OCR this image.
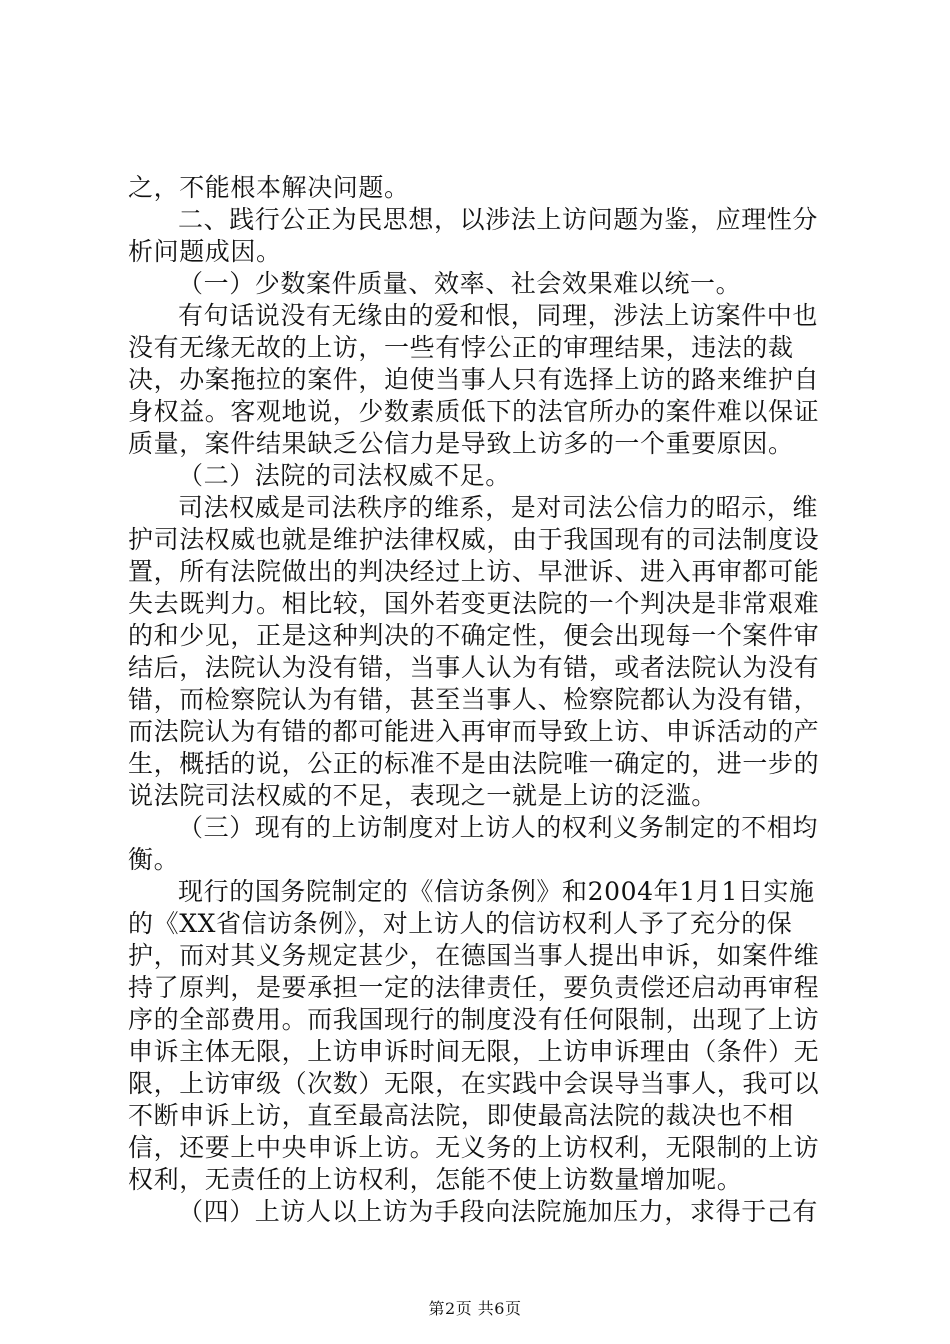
之，不能根本解决问题。

二、践行公正为民思想，以涉法上访问题为鉴，应理性分析问题成因。

（一）少数案件质量、效率、社会效果难以统一。

有句话说没有无缘由的爱和恨，同理，涉法上访案件中也没有无缘无故的上访，一些有悖公正的审理结果，违法的裁决，办案拖拉的案件，迫使当事人只有选择上访的路来维护自身权益。客观地说，少数素质低下的法官所办的案件难以保证质量，案件结果缺乏公信力是导致上访多的一个重要原因。

（二）法院的司法权威不足。

司法权威是司法秩序的维系，是对司法公信力的昭示，维护司法权威也就是维护法律权威，由于我国现有的司法制度设置，所有法院做出的判决经过上访、早泄诉、进入再审都可能失去既判力。相比较，国外若变更法院的一个判决是非常艰难的和少见，正是这种判决的不确定性，便会出现每一个案件审结后，法院认为没有错，当事人认为有错，或者法院认为没有错，而检察院认为有错，甚至当事人、检察院都认为没有错，而法院认为有错的都可能进入再审而导致上访、申诉活动的产生，概括的说，公正的标准不是由法院唯一确定的，进一步的说法院司法权威的不足，表现之一就是上访的泛滥。

（三）现有的上访制度对上访人的权利义务制定的不相均衡。

现行的国务院制定的《信访条例》和2004年1月1日实施的《XX省信访条例》，对上访人的信访权利人予了充分的保护，而对其义务规定甚少，在德国当事人提出申诉，如案件维持了原判，是要承担一定的法律责任，要负责偿还启动再审程序的全部费用。而我国现行的制度没有任何限制，出现了上访申诉主体无限，上访申诉时间无限，上访申诉理由（条件）无限，上访审级（次数）无限，在实践中会误导当事人，我可以不断申诉上访，直至最高法院，即使最高法院的裁决也不相信，还要上中央申诉上访。无义务的上访权利，无限制的上访权利，无责任的上访权利，怎能不使上访数量增加呢。

（四）上访人以上访为手段向法院施加压力，求得于己有

第2页 共6页
